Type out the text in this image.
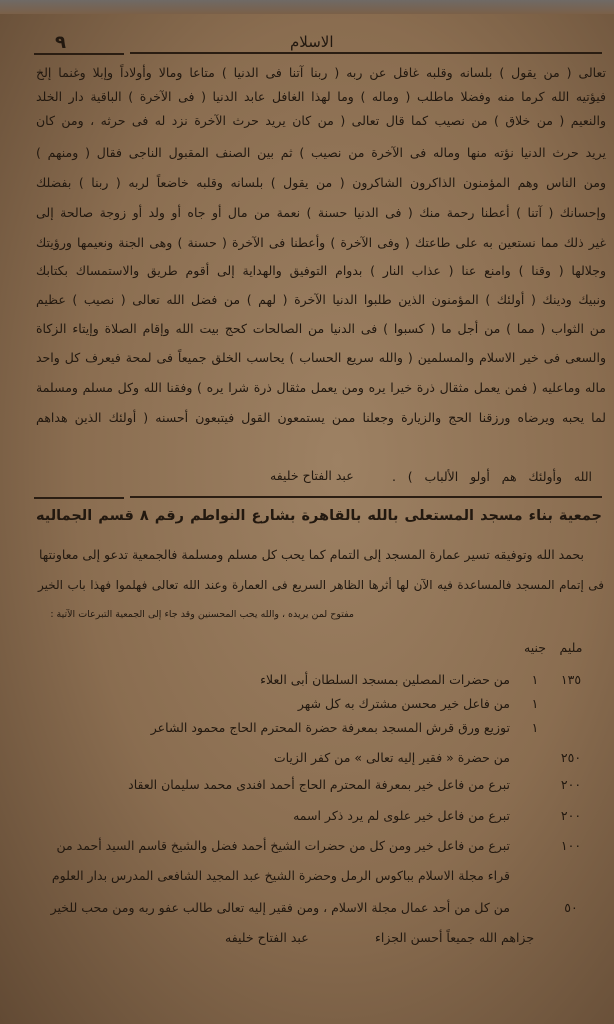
٩	الاسلام
تعالى ( من يقول ) بلسانه وقلبه غافل عن ربه ( ربنا آتنا فى الدنيا ) متاعا ومالا وأولاداً وإبلا وغنما إلخ
فيؤتيه الله كرما منه وفضلا ماطلب ( وماله ) وما لهذا الغافل عابد الدنيا ( فى الآخرة ) الباقية دار الخلد
والنعيم ( من خلاق ) من نصيب كما قال تعالى ( من كان يريد حرث الآخرة نزد له فى حرثه ، ومن كان
يريد حرث الدنيا نؤته منها وماله فى الآخرة من نصيب ) ثم بين الصنف المقبول الناجى فقال ( ومنهم )
ومن الناس وهم المؤمنون الذاكرون الشاكرون ( من يقول ) بلسانه وقلبه خاضعاً لربه ( ربنا ) بفضلك
وإحسانك ( آتنا ) أعطنا رحمة منك ( فى الدنيا حسنة ) نعمة من مال أو جاه أو ولد أو زوجة صالحة إلى
غير ذلك مما نستعين به على طاعتك ( وفى الآخرة ) وأعطنا فى الآخرة ( حسنة ) وهى الجنة ونعيمها ورؤيتك
وجلالها ( وقنا ) وامنع عنا ( عذاب النار ) بدوام التوفيق والهداية إلى أقوم طريق والاستمساك بكتابك
ونبيك ودينك ( أولئك ) المؤمنون الذين طلبوا الدنيا الآخرة ( لهم ) من فضل الله تعالى ( نصيب ) عظيم
من الثواب ( مما ) من أجل ما ( كسبوا ) فى الدنيا من الصالحات كحج بيت الله وإقام الصلاة وإيتاء الزكاة
والسعى فى خير الاسلام والمسلمين ( والله سريع الحساب ) يحاسب الخلق جميعاً فى لمحة فيعرف كل واحد
ماله وماعليه ( فمن يعمل مثقال ذرة خيرا يره ومن يعمل مثقال ذرة شرا يره ) وفقنا الله وكل مسلم ومسلمة
لما يحبه ويرضاه ورزقنا الحج والزيارة وجعلنا ممن يستمعون القول فيتبعون أحسنه ( أولئك الذين هداهم
الله وأولئك هم أولو الألباب ) .
عبد الفتاح خليفه
جمعية بناء مسجد المستعلى بالله بالقاهرة بشارع النواطم رقم ٨ قسم الجماليه
بحمد الله وتوفيقه تسير عمارة المسجد إلى التمام كما يحب كل مسلم ومسلمة فالجمعية تدعو إلى معاونتها
فى إتمام المسجد فالمساعدة فيه الآن لها أثرها الظاهر السريع فى العمارة وعند الله تعالى فهلموا فهذا باب الخير
مفتوح لمن يريده ، والله يحب المحسنين وقد جاء إلى الجمعية التبرعات الآتية :
مليم
جنيه
١٣٥
١
من حضرات المصلين بمسجد السلطان أبى العلاء
١
من فاعل خير محسن مشترك به كل شهر
١
توزيع ورق قرش المسجد بمعرفة حضرة المحترم الحاج محمود الشاعر
٢٥٠
من حضرة « فقير إليه تعالى » من كفر الزيات
٢٠٠
تبرع من فاعل خير بمعرفة المحترم الحاج أحمد افندى محمد سليمان العقاد
٢٠٠
تبرع من فاعل خير علوى لم يرد ذكر اسمه
١٠٠
تبرع من فاعل خير ومن كل من حضرات الشيخ أحمد فضل والشيخ قاسم السيد أحمد من
قراء مجلة الاسلام بباكوس الرمل وحضرة الشيخ عبد المجيد الشافعى المدرس بدار العلوم
٥٠
من كل من أحد عمال مجلة الاسلام ، ومن فقير إليه تعالى طالب عفو ربه ومن محب للخير
جزاهم الله جميعاً أحسن الجزاء
عبد الفتاح خليفه
